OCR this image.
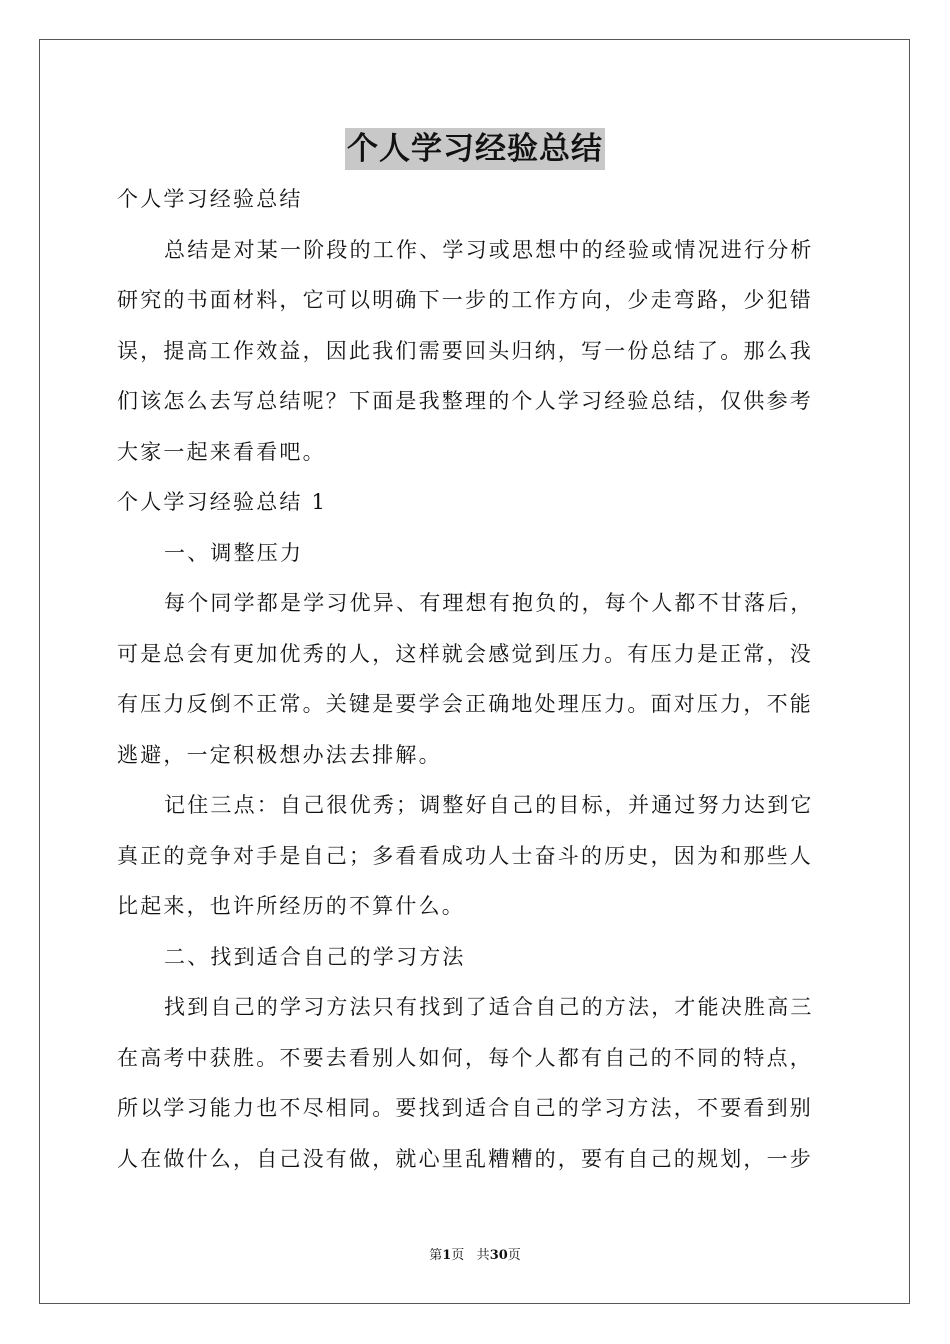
个人学习经验总结
个人学习经验总结
总结是对某一阶段的工作、学习或思想中的经验或情况进行分析
研究的书面材料，它可以明确下一步的工作方向，少走弯路，少犯错
误，提高工作效益，因此我们需要回头归纳，写一份总结了。那么我
们该怎么去写总结呢？下面是我整理的个人学习经验总结，仅供参考
大家一起来看看吧。
个人学习经验总结 1
一、调整压力
每个同学都是学习优异、有理想有抱负的，每个人都不甘落后，
可是总会有更加优秀的人，这样就会感觉到压力。有压力是正常，没
有压力反倒不正常。关键是要学会正确地处理压力。面对压力，不能
逃避，一定积极想办法去排解。
记住三点：自己很优秀；调整好自己的目标，并通过努力达到它
真正的竞争对手是自己；多看看成功人士奋斗的历史，因为和那些人
比起来，也许所经历的不算什么。
二、找到适合自己的学习方法
找到自己的学习方法只有找到了适合自己的方法，才能决胜高三
在高考中获胜。不要去看别人如何，每个人都有自己的不同的特点，
所以学习能力也不尽相同。要找到适合自己的学习方法，不要看到别
人在做什么，自己没有做，就心里乱糟糟的，要有自己的规划，一步
第1页 共30页
